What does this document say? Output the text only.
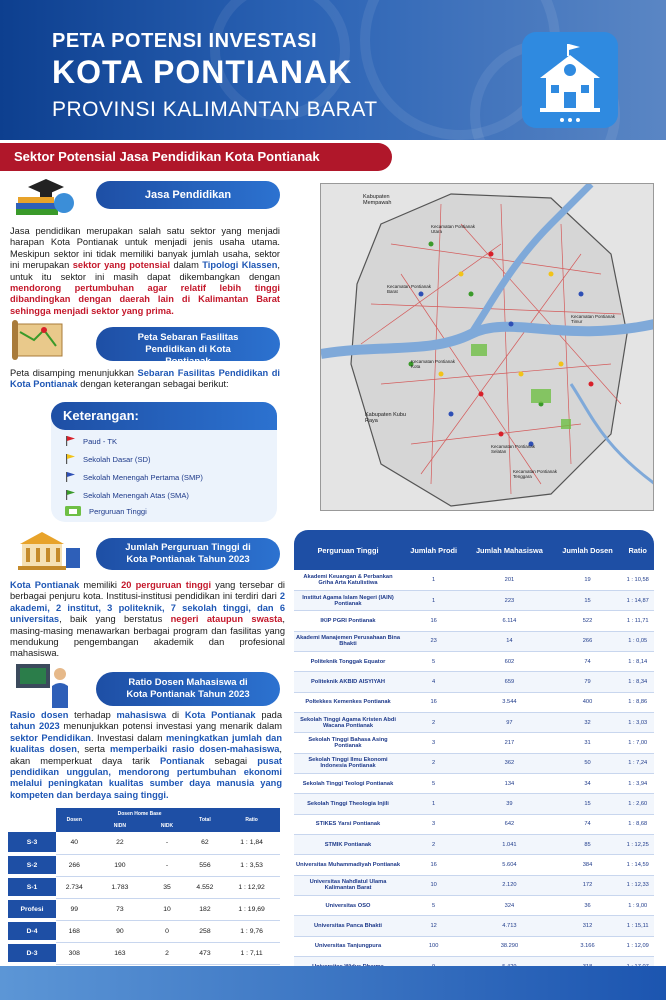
PETA POTENSI INVESTASI
KOTA PONTIANAK
PROVINSI KALIMANTAN BARAT
Sektor Potensial Jasa Pendidikan Kota Pontianak
Jasa Pendidikan
Jasa pendidikan merupakan salah satu sektor yang menjadi harapan Kota Pontianak untuk menjadi jenis usaha utama. Meskipun sektor ini tidak memiliki banyak jumlah usaha, sektor ini merupakan sektor yang potensial dalam Tipologi Klassen, untuk itu sektor ini masih dapat dikembangkan dengan mendorong pertumbuhan agar relatif lebih tinggi dibandingkan dengan daerah lain di Kalimantan Barat sehingga menjadi sektor yang prima.
Peta Sebaran Fasilitas Pendidikan di Kota Pontianak
Peta disamping menunjukkan Sebaran Fasilitas Pendidikan di Kota Pontianak dengan keterangan sebagai berikut:
Keterangan:
Paud - TK
Sekolah Dasar (SD)
Sekolah Menengah Pertama (SMP)
Sekolah Menengah Atas (SMA)
Perguruan Tinggi
Kabupaten Mempawah
Kabupaten Kubu Raya
Kecamatan Pontianak Utara
Kecamatan Pontianak Barat
Kecamatan Pontianak Timur
Kecamatan Pontianak Kota
Kecamatan Pontianak Selatan
Kecamatan Pontianak Tenggara
Jumlah Perguruan Tinggi di Kota Pontianak Tahun 2023
Kota Pontianak memiliki 20 perguruan tinggi yang tersebar di berbagai penjuru kota. Institusi-institusi pendidikan ini terdiri dari 2 akademi, 2 institut, 3 politeknik, 7 sekolah tinggi, dan 6 universitas, baik yang berstatus negeri ataupun swasta, masing-masing menawarkan berbagai program dan fasilitas yang mendukung pengembangan akademik dan profesional mahasiswa.
Ratio Dosen Mahasiswa di Kota Pontianak Tahun 2023
Rasio dosen terhadap mahasiswa di Kota Pontianak pada tahun 2023 menunjukkan potensi investasi yang menarik dalam sektor Pendidikan. Investasi dalam meningkatkan jumlah dan kualitas dosen, serta memperbaiki rasio dosen-mahasiswa, akan memperkuat daya tarik Pontianak sebagai pusat pendidikan unggulan, mendorong pertumbuhan ekonomi melalui peningkatan kualitas sumber daya manusia yang kompeten dan berdaya saing tinggi.
	Dosen	Dosen Home Base		Total	Ratio
		NIDN	NIDK		
S-3	40	22	-	62	1 : 1,84
S-2	266	190	-	556	1 : 3,53
S-1	2.734	1.783	35	4.552	1 : 12,92
Profesi	99	73	10	182	1 : 19,69
D-4	168	90	0	258	1 : 9,76
D-3	308	163	2	473	1 : 7,11
Perguruan Tinggi	Jumlah Prodi	Jumlah Mahasiswa	Jumlah Dosen	Ratio
Akademi Keuangan & Perbankan Griha Arta Katulistiwa	1	201	19	1 : 10,58
Institut Agama Islam Negeri (IAIN) Pontianak	1	223	15	1 : 14,87
IKIP PGRI Pontianak	16	6.114	522	1 : 11,71
Akademi Manajemen Perusahaan Bina Bhakti	23	14	266	1 : 0,05
Politeknik Tonggak Equator	5	602	74	1 : 8,14
Politeknik AKBID AISYIYAH	4	659	79	1 : 8,34
Poltekkes Kemenkes Pontianak	16	3.544	400	1 : 8,86
Sekolah Tinggi Agama Kristen Abdi Wacana Pontianak	2	97	32	1 : 3,03
Sekolah Tinggi Bahasa Asing Pontianak	3	217	31	1 : 7,00
Sekolah Tinggi Ilmu Ekonomi Indonesia Pontianak	2	362	50	1 : 7,24
Sekolah Tinggi Teologi Pontianak	5	134	34	1 : 3,94
Sekolah Tinggi Theologia Injili	1	39	15	1 : 2,60
STIKES Yarsi Pontianak	3	642	74	1 : 8,68
STMIK Pontianak	2	1.041	85	1 : 12,25
Universitas Muhammadiyah Pontianak	16	5.604	384	1 : 14,59
Universitas Nahdlatul Ulama Kalimantan Barat	10	2.120	172	1 : 12,33
Universitas OSO	5	324	36	1 : 9,00
Universitas Panca Bhakti	12	4.713	312	1 : 15,11
Universitas Tanjungpura	100	38.290	3.166	1 : 12,09
